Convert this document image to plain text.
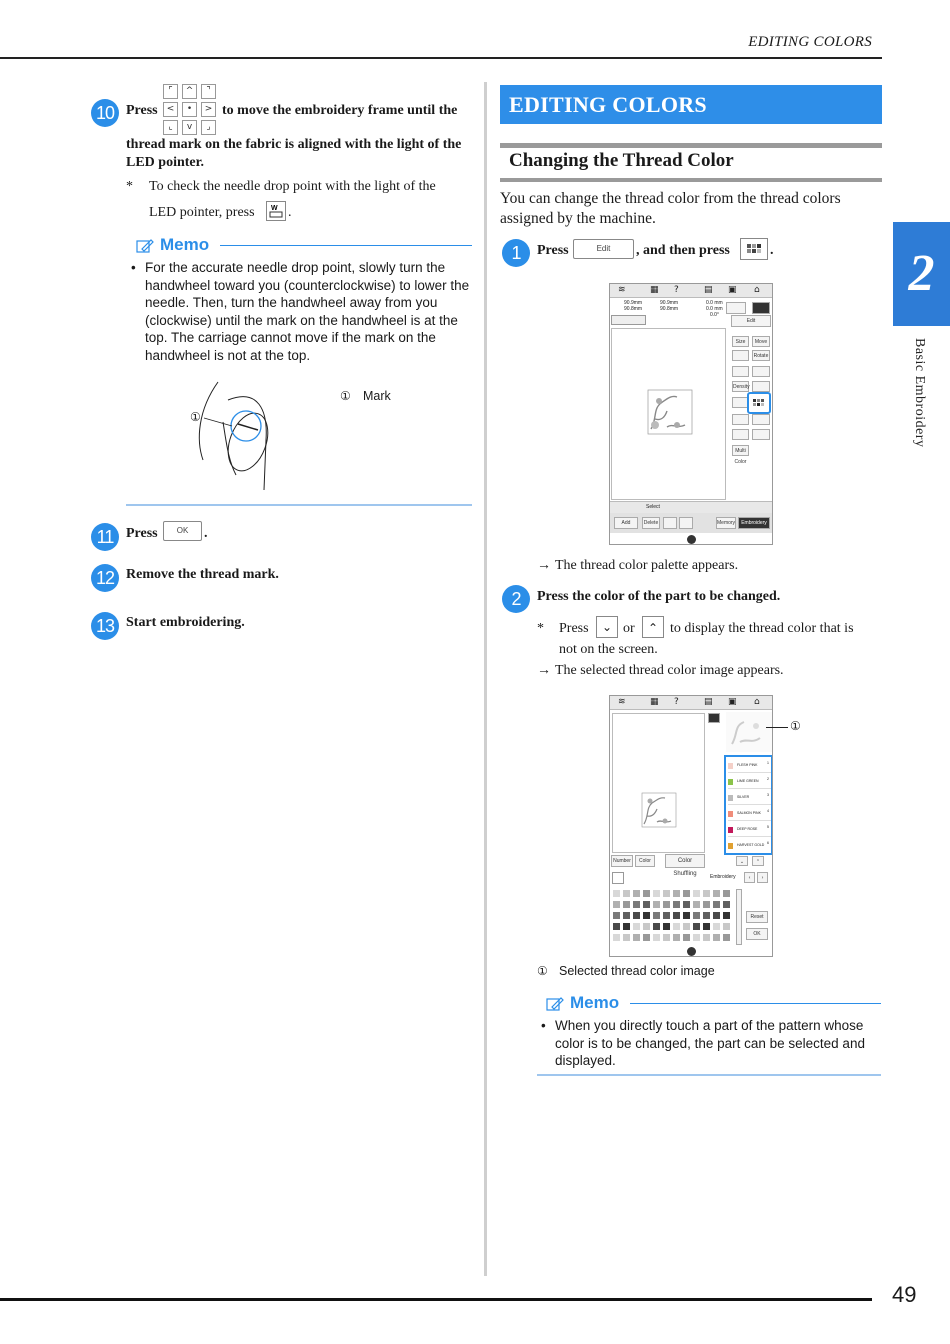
EDITING COLORS
49
2
Basic Embroidery
10 Press
⌜	^	⌝
<	•	>
⌞	v	⌟
to move the embroidery frame until the
thread mark on the fabric is aligned with the light of the LED pointer.
* To check the needle drop point with the light of the
LED pointer, press W .
Memo
• For the accurate needle drop point, slowly turn the handwheel toward you (counterclockwise) to lower the needle. Then, turn the handwheel away from you (clockwise) until the mark on the handwheel is at the top. The carriage cannot move if the mark on the handwheel is not at the top.
①
① Mark
11 Press	OK	.
12 Remove the thread mark.
13 Start embroidering.
EDITING COLORS
Changing the Thread Color
You can change the thread color from the thread colors assigned by the machine.
1	Press	Edit	, and then press	.
≋	▦ ?	▤ ▣ ⌂
90.9mm
90.8mm
90.9mm
90.8mm
0.0 mm
0.0 mm
0.0°
Edit
Size	Move
Rotate
Density
Multi Color
Select
Add	Delete	Memory	Embroidery
→ The thread color palette appears.
2	Press the color of the part to be changed.
* Press	⌄ or	⌃ to display the thread color that is
not on the screen.
→ The selected thread color image appears.
≋	▦ ?	▤ ▣ ⌂
FLESH PINK	1
LIME GREEN 2
SILVER	3
SALMON PINK 4
DEEP ROSE	5
HARVEST GOLD 6
Number	Color	Color Shuffling
⌄	⌃
Embroidery	‹	›
Reset
OK
①
① Selected thread color image
Memo
• When you directly touch a part of the pattern whose color is to be changed, the part can be selected and displayed.
